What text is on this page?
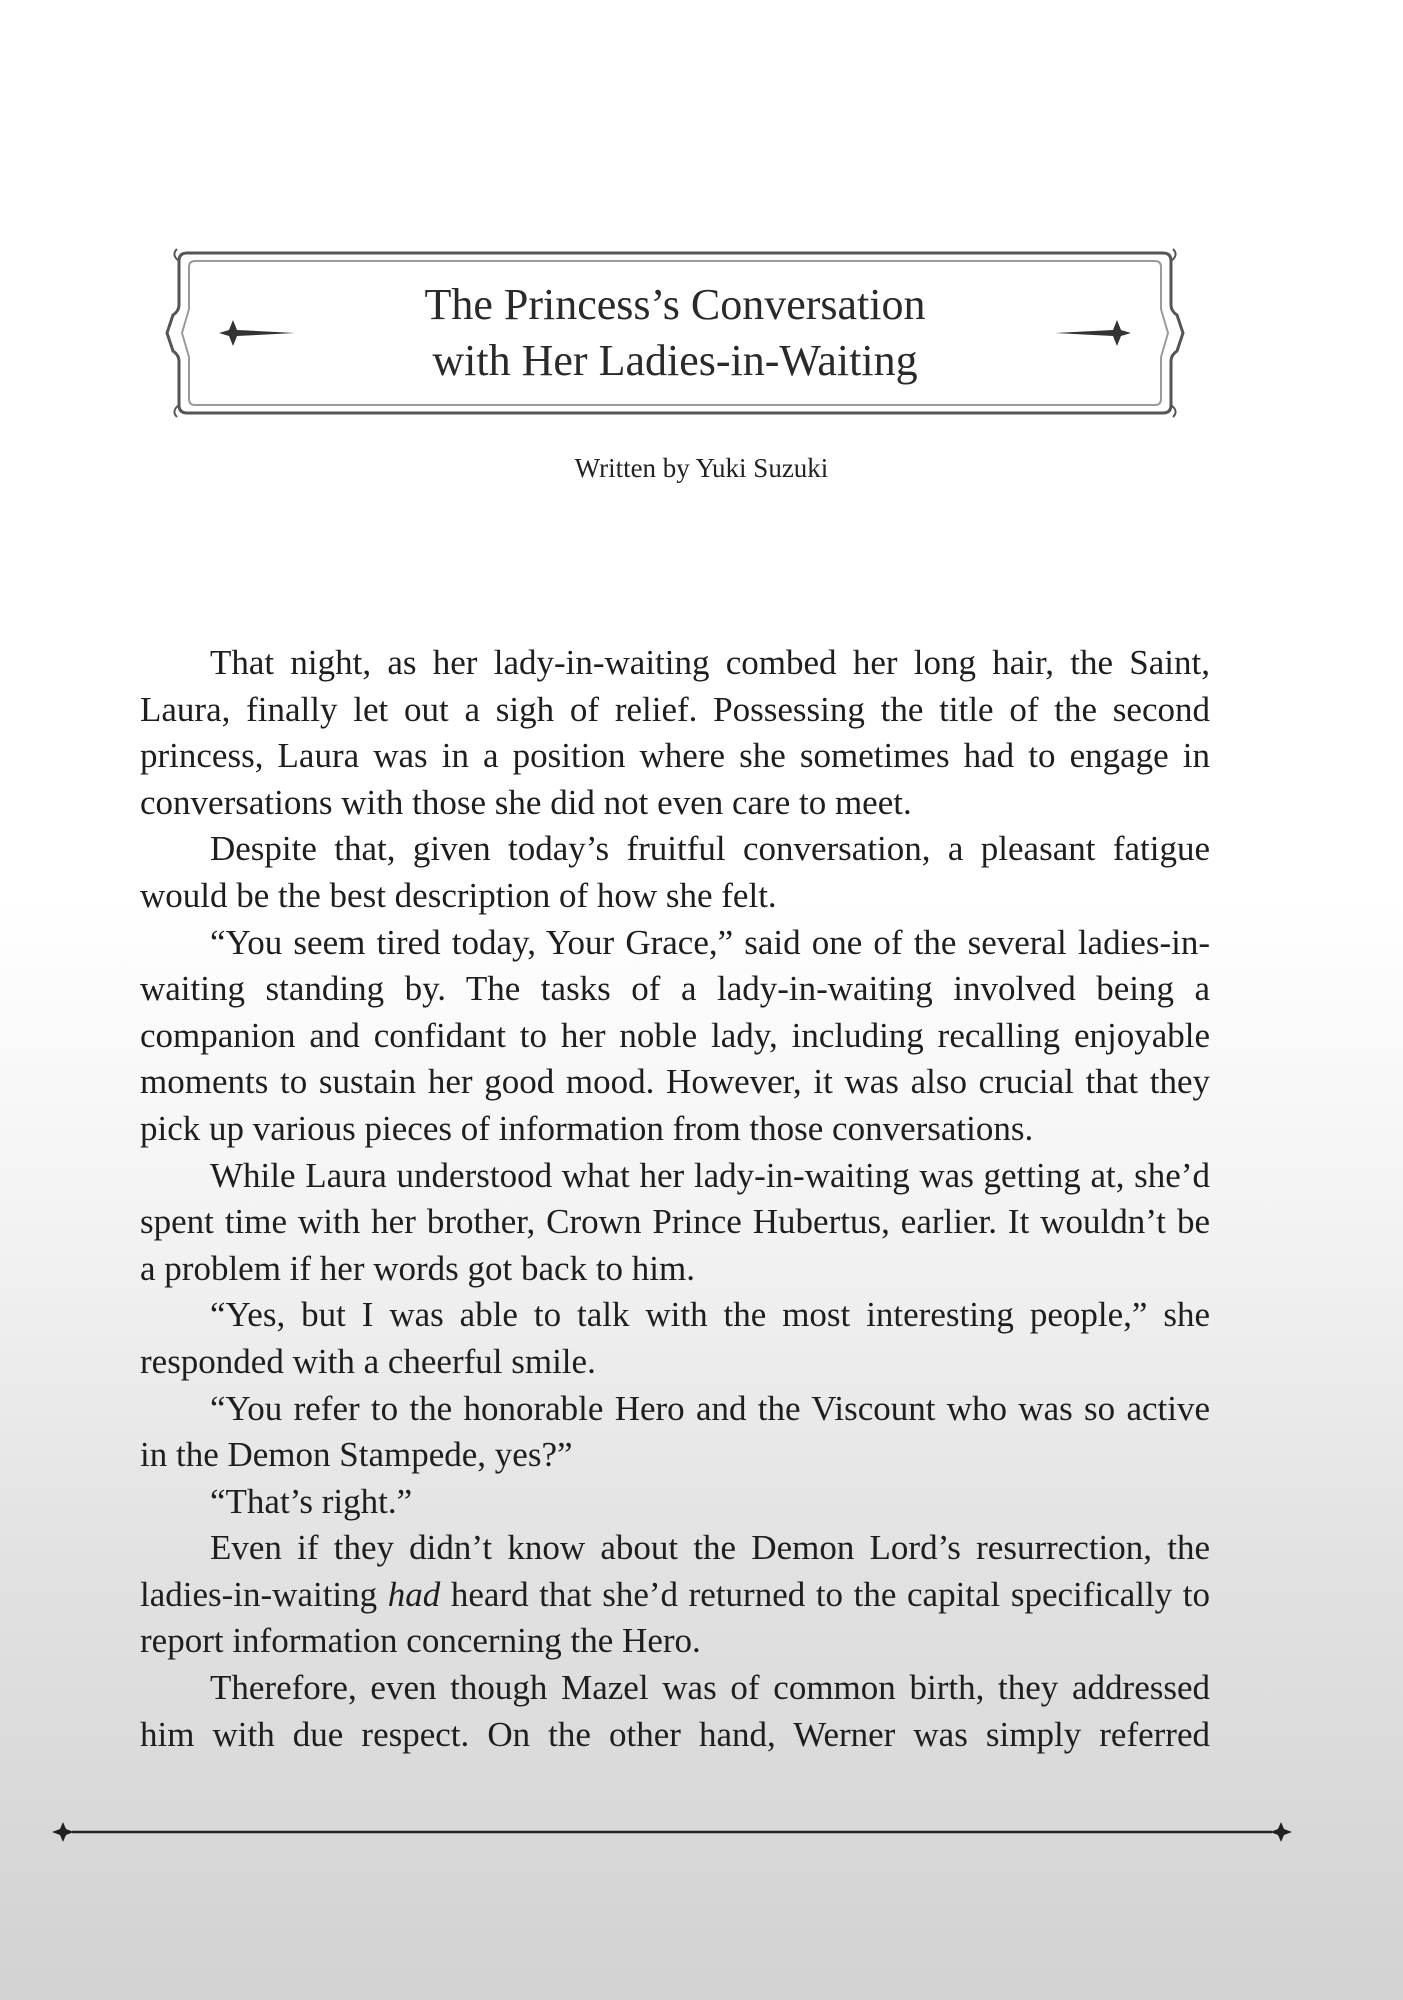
The Princess’s Conversation
with Her Ladies-in-Waiting
Written by Yuki Suzuki

That night, as her lady-in-waiting combed her long hair, the Saint, Laura, finally let out a sigh of relief. Possessing the title of the second princess, Laura was in a position where she sometimes had to engage in conversations with those she did not even care to meet.

Despite that, given today’s fruitful conversation, a pleasant fatigue would be the best description of how she felt.

“You seem tired today, Your Grace,” said one of the several ladies-in-waiting standing by. The tasks of a lady-in-waiting involved being a companion and confidant to her noble lady, including recalling enjoyable moments to sustain her good mood. However, it was also crucial that they pick up various pieces of information from those conversations.

While Laura understood what her lady-in-waiting was getting at, she’d spent time with her brother, Crown Prince Hubertus, earlier. It wouldn’t be a problem if her words got back to him.

“Yes, but I was able to talk with the most interesting people,” she responded with a cheerful smile.

“You refer to the honorable Hero and the Viscount who was so active in the Demon Stampede, yes?”

“That’s right.”

Even if they didn’t know about the Demon Lord’s resurrection, the ladies-in-waiting had heard that she’d returned to the capital specifically to report information concerning the Hero.

Therefore, even though Mazel was of common birth, they addressed him with due respect. On the other hand, Werner was simply referred
